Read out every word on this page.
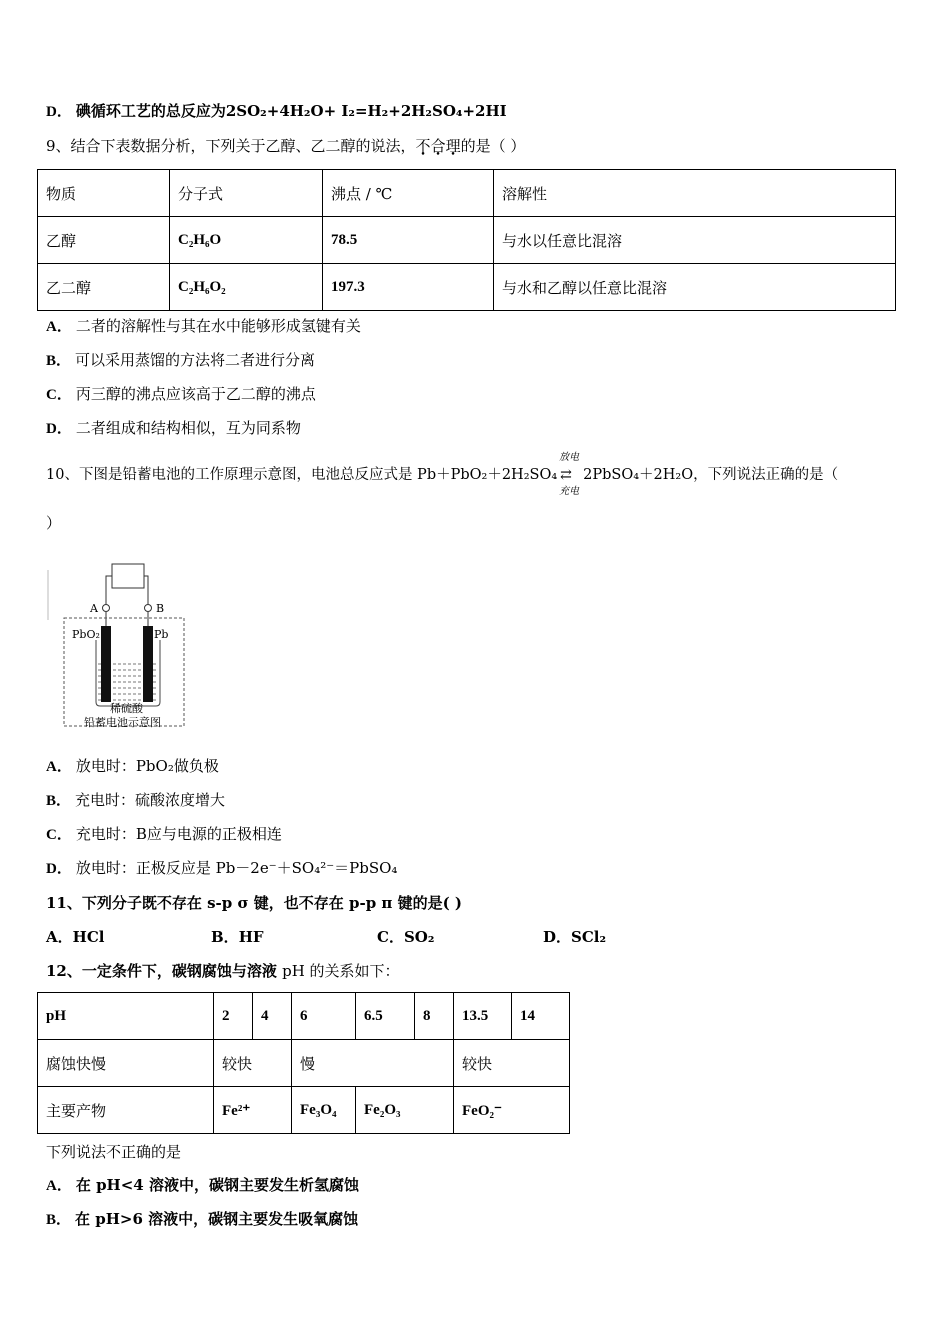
D． 碘循环工艺的总反应为2SO₂+4H₂O+ I₂=H₂+2H₂SO₄+2HI
9、结合下表数据分析，下列关于乙醇、乙二醇的说法，不合理的是（ ）
物质	分子式	沸点 / ℃	溶解性
乙醇	C₂H₆O	78.5	与水以任意比混溶
乙二醇	C₂H₆O₂	197.3	与水和乙醇以任意比混溶
A． 二者的溶解性与其在水中能够形成氢键有关
B． 可以采用蒸馏的方法将二者进行分离
C． 丙三醇的沸点应该高于乙二醇的沸点
D． 二者组成和结构相似，互为同系物
10、下图是铅蓄电池的工作原理示意图，电池总反应式是 Pb＋PbO₂＋2H₂SO₄
放电
⇄
充电
2PbSO₄＋2H₂O，下列说法正确的是（
）
A	B
PbO₂	Pb
稀硫酸
铅蓄电池示意图
A． 放电时：PbO₂做负极
B． 充电时：硫酸浓度增大
C． 充电时：B应与电源的正极相连
D． 放电时：正极反应是 Pb－2e⁻＋SO₄²⁻＝PbSO₄
11、下列分子既不存在 s-p σ 键，也不存在 p-p π 键的是( )
A．HCl	B．HF	C．SO₂	D．SCl₂
12、一定条件下，碳钢腐蚀与溶液 pH 的关系如下：
pH	2	4	6	6.5	8	13.5	14
腐蚀快慢	较快		慢			较快	
主要产物	Fe²⁺		Fe₃O₄	Fe₂O₃		FeO₂⁻	
下列说法不正确的是
A． 在 pH<4 溶液中，碳钢主要发生析氢腐蚀
B． 在 pH>6 溶液中，碳钢主要发生吸氧腐蚀
